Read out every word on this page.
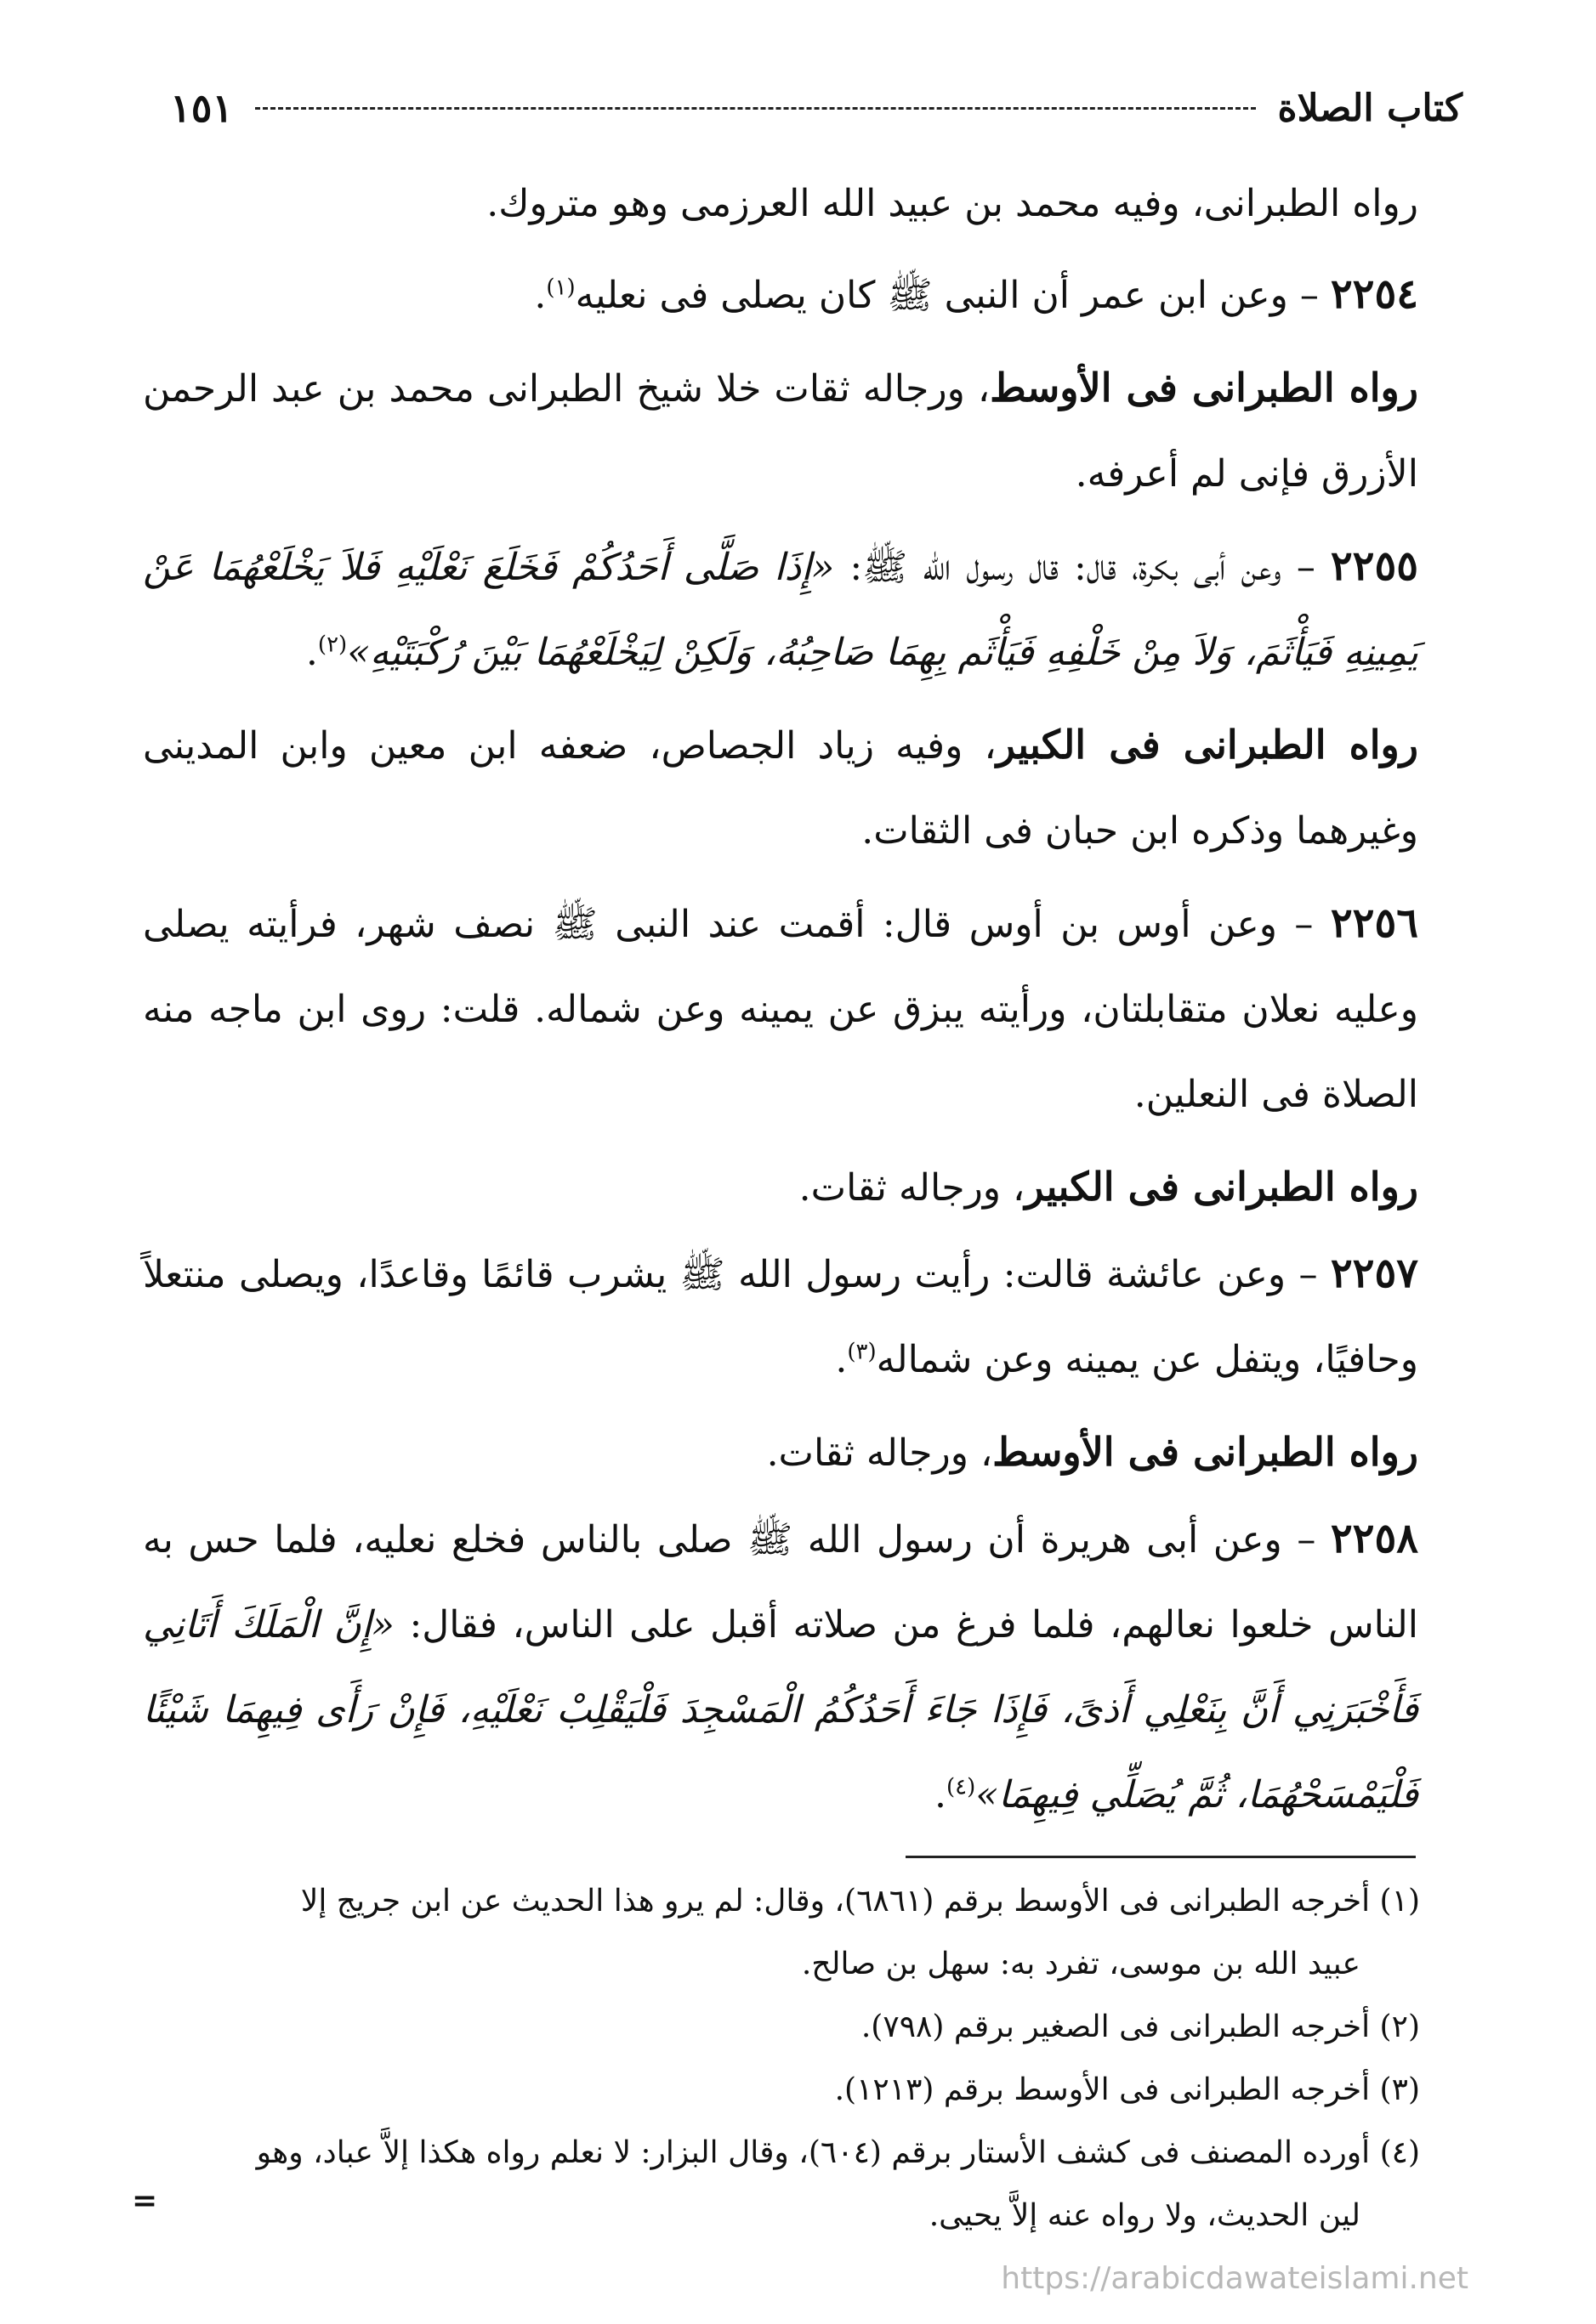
كتاب الصلاة
١٥١

رواه الطبرانى، وفيه محمد بن عبيد الله العرزمى وهو متروك.

٢٢٥٤ – وعن ابن عمر أن النبى ﷺ كان يصلى فى نعليه$^{(١)}$.

رواه الطبرانى فى الأوسط، ورجاله ثقات خلا شيخ الطبرانى محمد بن عبد الرحمن الأزرق فإنى لم أعرفه.

٢٢٥٥ – وعن أبى بكرة، قال: قال رسول الله ﷺ: «إِذَا صَلَّى أَحَدُكُمْ فَخَلَعَ نَعْلَيْهِ فَلاَ يَخْلَعْهُمَا عَنْ يَمِينِهِ فَيَأْثَمَ، وَلاَ مِنْ خَلْفِهِ فَيَأْثَم بِهِمَا صَاحِبُهُ، وَلَكِنْ لِيَخْلَعْهُمَا بَيْنَ رُكْبَتَيْهِ»$^{(٢)}$.

رواه الطبرانى فى الكبير، وفيه زياد الجصاص، ضعفه ابن معين وابن المدينى وغيرهما وذكره ابن حبان فى الثقات.

٢٢٥٦ – وعن أوس بن أوس قال: أقمت عند النبى ﷺ نصف شهر، فرأيته يصلى وعليه نعلان متقابلتان، ورأيته يبزق عن يمينه وعن شماله. قلت: روى ابن ماجه منه الصلاة فى النعلين.

رواه الطبرانى فى الكبير، ورجاله ثقات.

٢٢٥٧ – وعن عائشة قالت: رأيت رسول الله ﷺ يشرب قائمًا وقاعدًا، ويصلى منتعلاً وحافيًا، ويتفل عن يمينه وعن شماله$^{(٣)}$.

رواه الطبرانى فى الأوسط، ورجاله ثقات.

٢٢٥٨ – وعن أبى هريرة أن رسول الله ﷺ صلى بالناس فخلع نعليه، فلما حس به الناس خلعوا نعالهم، فلما فرغ من صلاته أقبل على الناس، فقال: «إِنَّ الْمَلَكَ أَتَانِي فَأَخْبَرَنِي أَنَّ بِنَعْلِي أَذىً، فَإِذَا جَاءَ أَحَدُكُمُ الْمَسْجِدَ فَلْيَقْلِبْ نَعْلَيْهِ، فَإِنْ رَأَى فِيهِمَا شَيْئًا فَلْيَمْسَحْهُمَا، ثُمَّ يُصَلِّي فِيهِمَا»$^{(٤)}$.

(١) أخرجه الطبرانى فى الأوسط برقم (٦٨٦١)، وقال: لم يرو هذا الحديث عن ابن جريج إلا
عبيد الله بن موسى، تفرد به: سهل بن صالح.

(٢) أخرجه الطبرانى فى الصغير برقم (٧٩٨).

(٣) أخرجه الطبرانى فى الأوسط برقم (١٢١٣).

(٤) أورده المصنف فى كشف الأستار برقم (٦٠٤)، وقال البزار: لا نعلم رواه هكذا إلاَّ عباد، وهو
لين الحديث، ولا رواه عنه إلاَّ يحيى.

=
https://arabicdawateislami.net
